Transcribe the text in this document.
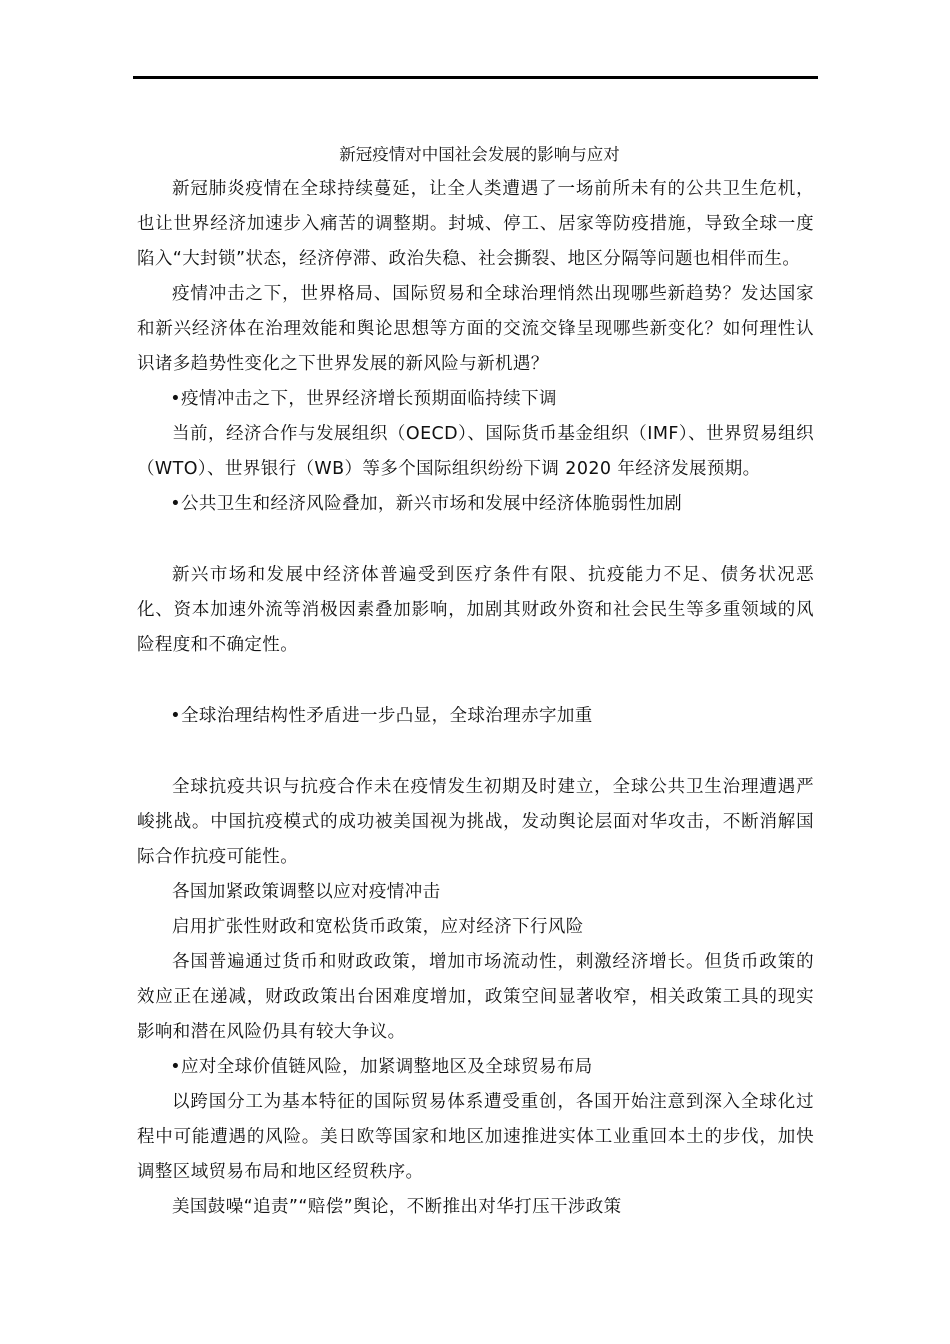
新冠疫情对中国社会发展的影响与应对

新冠肺炎疫情在全球持续蔓延，让全人类遭遇了一场前所未有的公共卫生危机，也让世界经济加速步入痛苦的调整期。封城、停工、居家等防疫措施，导致全球一度陷入“大封锁”状态，经济停滞、政治失稳、社会撕裂、地区分隔等问题也相伴而生。

疫情冲击之下，世界格局、国际贸易和全球治理悄然出现哪些新趋势？发达国家和新兴经济体在治理效能和舆论思想等方面的交流交锋呈现哪些新变化？如何理性认识诸多趋势性变化之下世界发展的新风险与新机遇？

•疫情冲击之下，世界经济增长预期面临持续下调

当前，经济合作与发展组织（OECD）、国际货币基金组织（IMF）、世界贸易组织（WTO）、世界银行（WB）等多个国际组织纷纷下调 2020 年经济发展预期。

•公共卫生和经济风险叠加，新兴市场和发展中经济体脆弱性加剧

新兴市场和发展中经济体普遍受到医疗条件有限、抗疫能力不足、债务状况恶化、资本加速外流等消极因素叠加影响，加剧其财政外资和社会民生等多重领域的风险程度和不确定性。

•全球治理结构性矛盾进一步凸显，全球治理赤字加重

全球抗疫共识与抗疫合作未在疫情发生初期及时建立，全球公共卫生治理遭遇严峻挑战。中国抗疫模式的成功被美国视为挑战，发动舆论层面对华攻击，不断消解国际合作抗疫可能性。

各国加紧政策调整以应对疫情冲击

启用扩张性财政和宽松货币政策，应对经济下行风险

各国普遍通过货币和财政政策，增加市场流动性，刺激经济增长。但货币政策的效应正在递减，财政政策出台困难度增加，政策空间显著收窄，相关政策工具的现实影响和潜在风险仍具有较大争议。

•应对全球价值链风险，加紧调整地区及全球贸易布局

以跨国分工为基本特征的国际贸易体系遭受重创，各国开始注意到深入全球化过程中可能遭遇的风险。美日欧等国家和地区加速推进实体工业重回本土的步伐，加快调整区域贸易布局和地区经贸秩序。

美国鼓噪“追责”“赔偿”舆论，不断推出对华打压干涉政策
